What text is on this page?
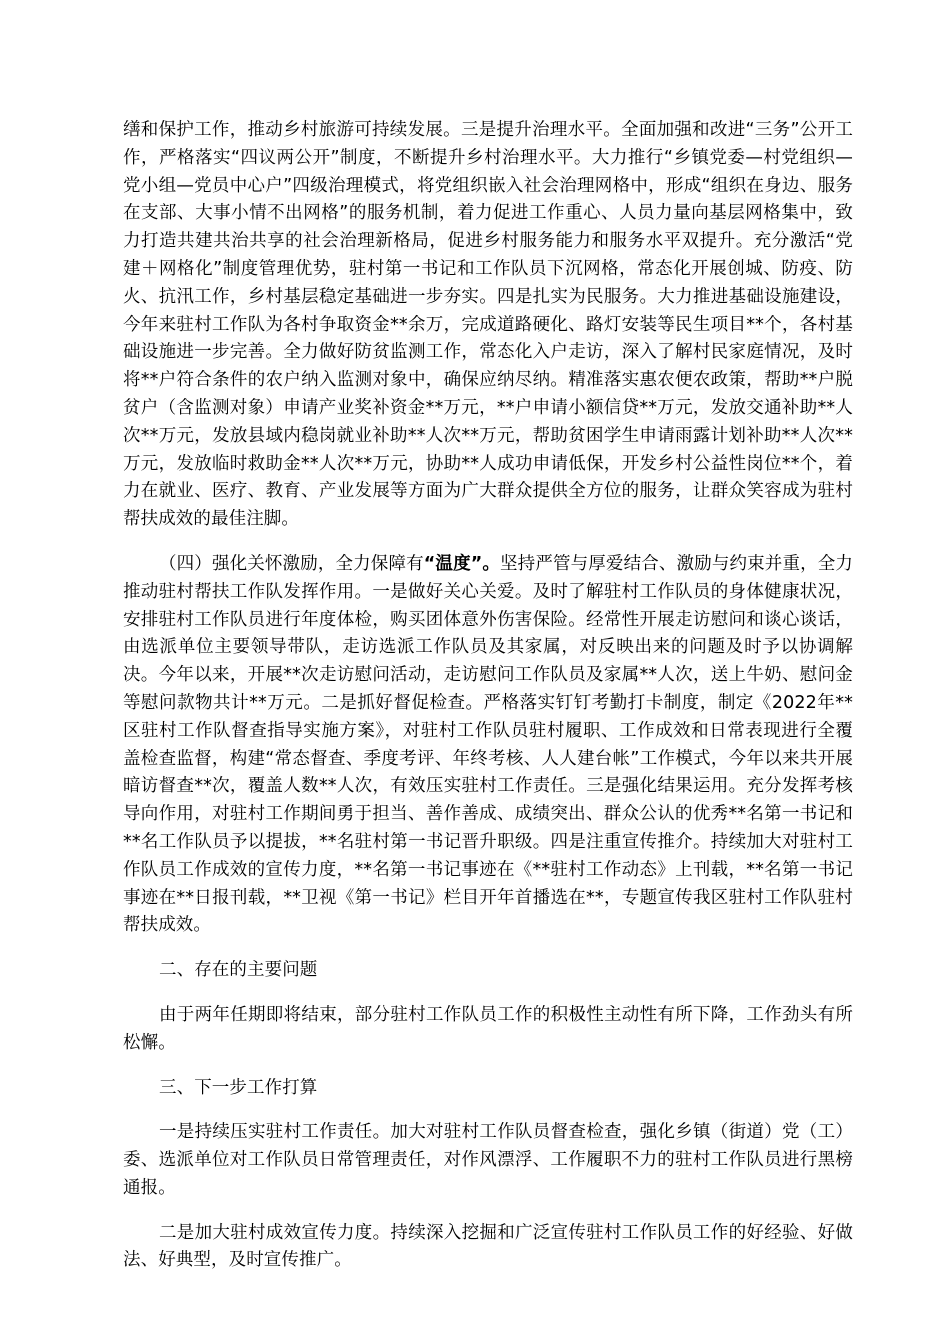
缮和保护工作，推动乡村旅游可持续发展。三是提升治理水平。全面加强和改进“三务”公开工作，严格落实“四议两公开”制度，不断提升乡村治理水平。大力推行“乡镇党委—村党组织—党小组—党员中心户”四级治理模式，将党组织嵌入社会治理网格中，形成“组织在身边、服务在支部、大事小情不出网格”的服务机制，着力促进工作重心、人员力量向基层网格集中，致力打造共建共治共享的社会治理新格局，促进乡村服务能力和服务水平双提升。充分激活“党建＋网格化”制度管理优势，驻村第一书记和工作队员下沉网格，常态化开展创城、防疫、防火、抗汛工作，乡村基层稳定基础进一步夯实。四是扎实为民服务。大力推进基础设施建设，今年来驻村工作队为各村争取资金**余万，完成道路硬化、路灯安装等民生项目**个，各村基础设施进一步完善。全力做好防贫监测工作，常态化入户走访，深入了解村民家庭情况，及时将**户符合条件的农户纳入监测对象中，确保应纳尽纳。精准落实惠农便农政策，帮助**户脱贫户（含监测对象）申请产业奖补资金**万元，**户申请小额信贷**万元，发放交通补助**人次**万元，发放县域内稳岗就业补助**人次**万元，帮助贫困学生申请雨露计划补助**人次**万元，发放临时救助金**人次**万元，协助**人成功申请低保，开发乡村公益性岗位**个，着力在就业、医疗、教育、产业发展等方面为广大群众提供全方位的服务，让群众笑容成为驻村帮扶成效的最佳注脚。

（四）强化关怀激励，全力保障有“温度”。坚持严管与厚爱结合、激励与约束并重，全力推动驻村帮扶工作队发挥作用。一是做好关心关爱。及时了解驻村工作队员的身体健康状况，安排驻村工作队员进行年度体检，购买团体意外伤害保险。经常性开展走访慰问和谈心谈话，由选派单位主要领导带队，走访选派工作队员及其家属，对反映出来的问题及时予以协调解决。今年以来，开展**次走访慰问活动，走访慰问工作队员及家属**人次，送上牛奶、慰问金等慰问款物共计**万元。二是抓好督促检查。严格落实钉钉考勤打卡制度，制定《2022年**区驻村工作队督查指导实施方案》，对驻村工作队员驻村履职、工作成效和日常表现进行全覆盖检查监督，构建“常态督查、季度考评、年终考核、人人建台帐”工作模式，今年以来共开展暗访督查**次，覆盖人数**人次，有效压实驻村工作责任。三是强化结果运用。充分发挥考核导向作用，对驻村工作期间勇于担当、善作善成、成绩突出、群众公认的优秀**名第一书记和**名工作队员予以提拔，**名驻村第一书记晋升职级。四是注重宣传推介。持续加大对驻村工作队员工作成效的宣传力度，**名第一书记事迹在《**驻村工作动态》上刊载，**名第一书记事迹在**日报刊载，**卫视《第一书记》栏目开年首播选在**，专题宣传我区驻村工作队驻村帮扶成效。

二、存在的主要问题

由于两年任期即将结束，部分驻村工作队员工作的积极性主动性有所下降，工作劲头有所松懈。

三、下一步工作打算

一是持续压实驻村工作责任。加大对驻村工作队员督查检查，强化乡镇（街道）党（工）委、选派单位对工作队员日常管理责任，对作风漂浮、工作履职不力的驻村工作队员进行黑榜通报。

二是加大驻村成效宣传力度。持续深入挖掘和广泛宣传驻村工作队员工作的好经验、好做法、好典型，及时宣传推广。
